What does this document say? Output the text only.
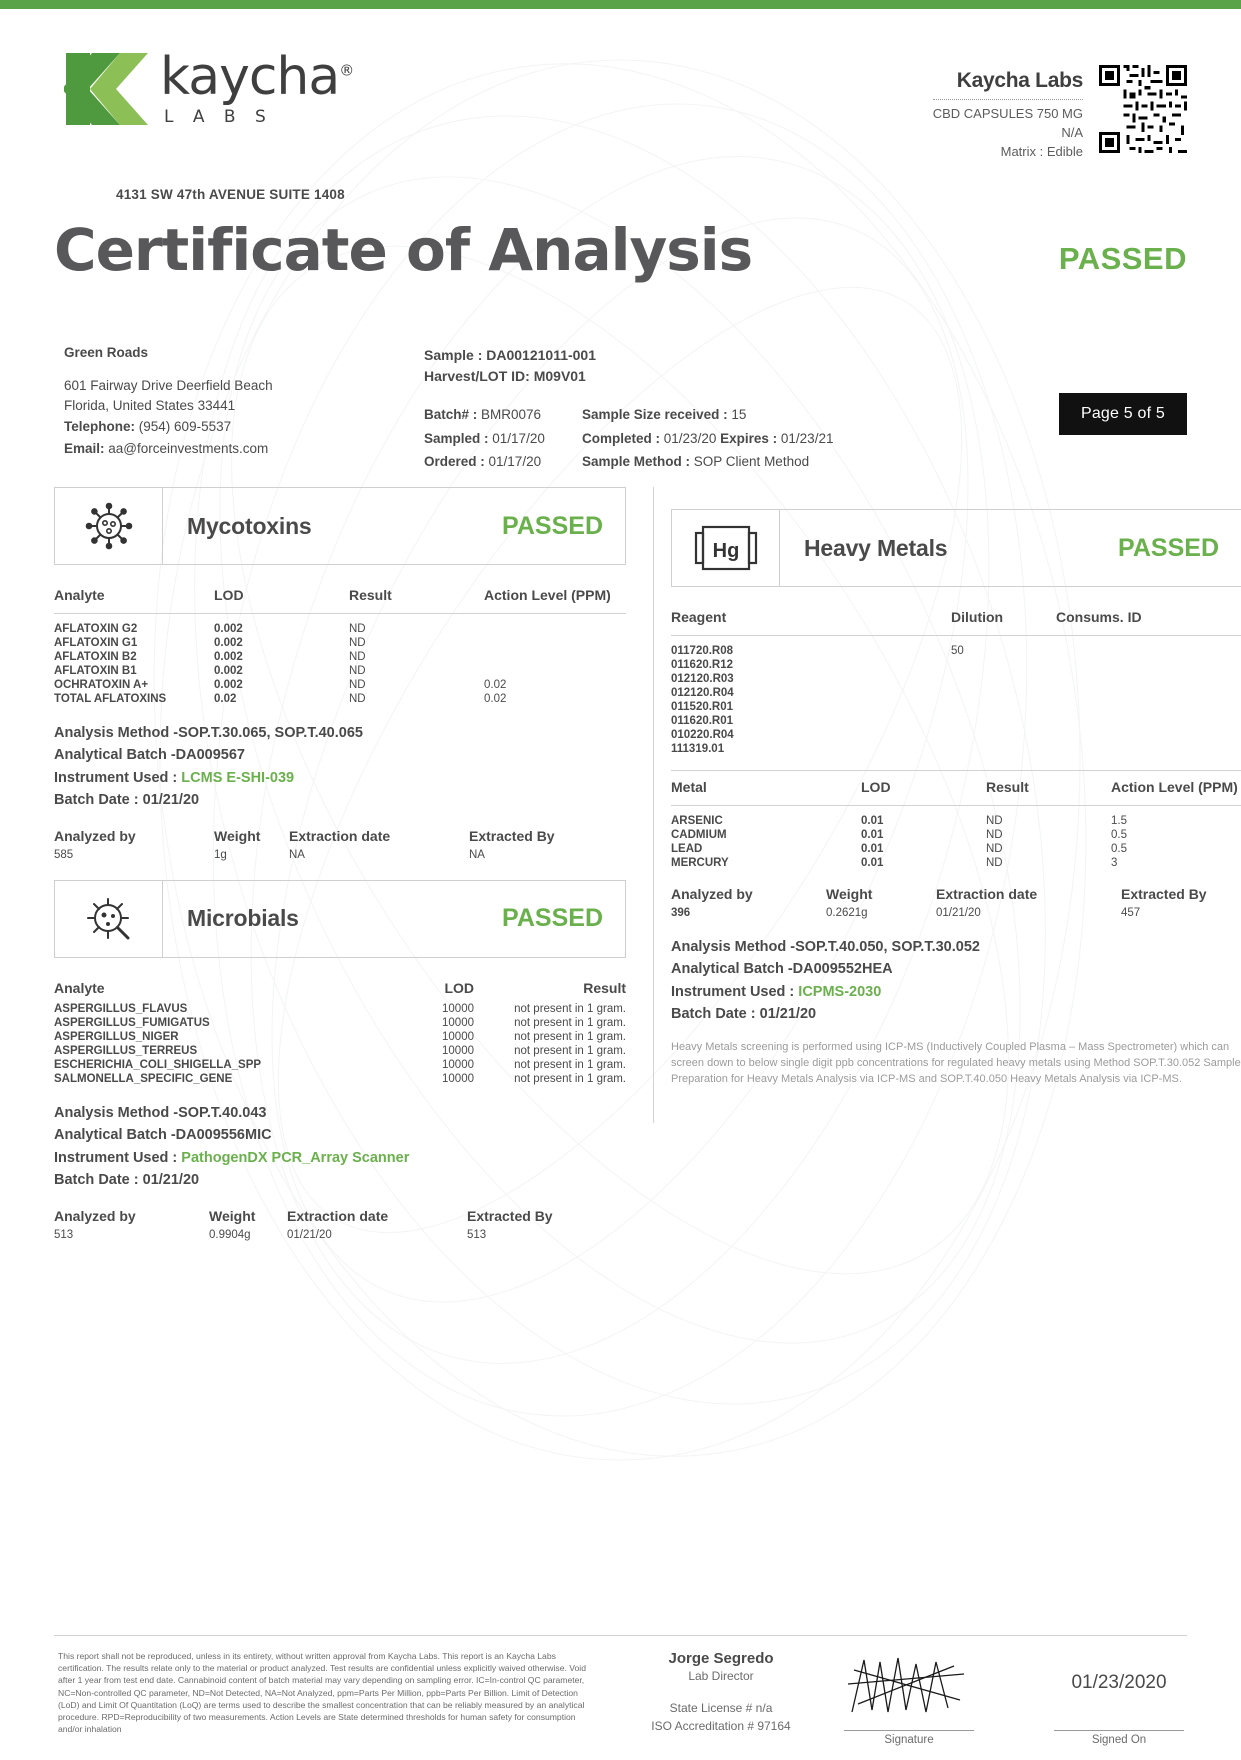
kaycha®
L A B S
Kaycha Labs
CBD CAPSULES 750 MG
N/A
Matrix : Edible
4131 SW 47th AVENUE SUITE 1408
Certificate of Analysis	PASSED
Green Roads
601 Fairway Drive Deerfield Beach
Florida, United States 33441
Telephone: (954) 609-5537
Email: aa@forceinvestments.com
Sample : DA00121011-001
Harvest/LOT ID: M09V01
Batch# : BMR0076
Sampled : 01/17/20
Ordered : 01/17/20
Sample Size received : 15
Completed : 01/23/20 Expires : 01/23/21
Sample Method : SOP Client Method
Page 5 of 5
Mycotoxins	PASSED
Analyte	LOD	Result	Action Level (PPM)
AFLATOXIN G2	0.002	ND	
AFLATOXIN G1	0.002	ND	
AFLATOXIN B2	0.002	ND	
AFLATOXIN B1	0.002	ND	
OCHRATOXIN A+	0.002	ND	0.02
TOTAL AFLATOXINS	0.02	ND	0.02
Analysis Method -SOP.T.30.065, SOP.T.40.065
Analytical Batch -DA009567
Instrument Used : LCMS E-SHI-039
Batch Date : 01/21/20
Analyzed by	Weight	Extraction date	Extracted By
585	1g	NA	NA
Microbials	PASSED
Analyte	LOD	Result
ASPERGILLUS_FLAVUS	10000	not present in 1 gram.
ASPERGILLUS_FUMIGATUS	10000	not present in 1 gram.
ASPERGILLUS_NIGER	10000	not present in 1 gram.
ASPERGILLUS_TERREUS	10000	not present in 1 gram.
ESCHERICHIA_COLI_SHIGELLA_SPP	10000	not present in 1 gram.
SALMONELLA_SPECIFIC_GENE	10000	not present in 1 gram.
Analysis Method -SOP.T.40.043
Analytical Batch -DA009556MIC
Instrument Used : PathogenDX PCR_Array Scanner
Batch Date : 01/21/20
Analyzed by	Weight	Extraction date	Extracted By
513	0.9904g	01/21/20	513
Hg	Heavy Metals	PASSED
Reagent	Dilution	Consums. ID
011720.R08	50	
011620.R12		
012120.R03		
012120.R04		
011520.R01		
011620.R01		
010220.R04		
111319.01		
Metal	LOD	Result	Action Level (PPM)
ARSENIC	0.01	ND	1.5
CADMIUM	0.01	ND	0.5
LEAD	0.01	ND	0.5
MERCURY	0.01	ND	3
Analyzed by	Weight	Extraction date	Extracted By
396	0.2621g	01/21/20	457
Analysis Method -SOP.T.40.050, SOP.T.30.052
Analytical Batch -DA009552HEA
Instrument Used : ICPMS-2030
Batch Date : 01/21/20
Heavy Metals screening is performed using ICP-MS (Inductively Coupled Plasma – Mass Spectrometer) which can screen down to below single digit ppb concentrations for regulated heavy metals using Method SOP.T.30.052 Sample Preparation for Heavy Metals Analysis via ICP-MS and SOP.T.40.050 Heavy Metals Analysis via ICP-MS.
This report shall not be reproduced, unless in its entirety, without written approval from Kaycha Labs. This report is an Kaycha Labs certification. The results relate only to the material or product analyzed. Test results are confidential unless explicitly waived otherwise. Void after 1 year from test end date. Cannabinoid content of batch material may vary depending on sampling error. IC=In-control QC parameter, NC=Non-controlled QC parameter, ND=Not Detected, NA=Not Analyzed, ppm=Parts Per Million, ppb=Parts Per Billion. Limit of Detection (LoD) and Limit Of Quantitation (LoQ) are terms used to describe the smallest concentration that can be reliably measured by an analytical procedure. RPD=Reproducibility of two measurements. Action Levels are State determined thresholds for human safety for consumption and/or inhalation
Jorge Segredo
Lab Director
State License # n/a
ISO Accreditation # 97164
Signature
01/23/2020
Signed On
